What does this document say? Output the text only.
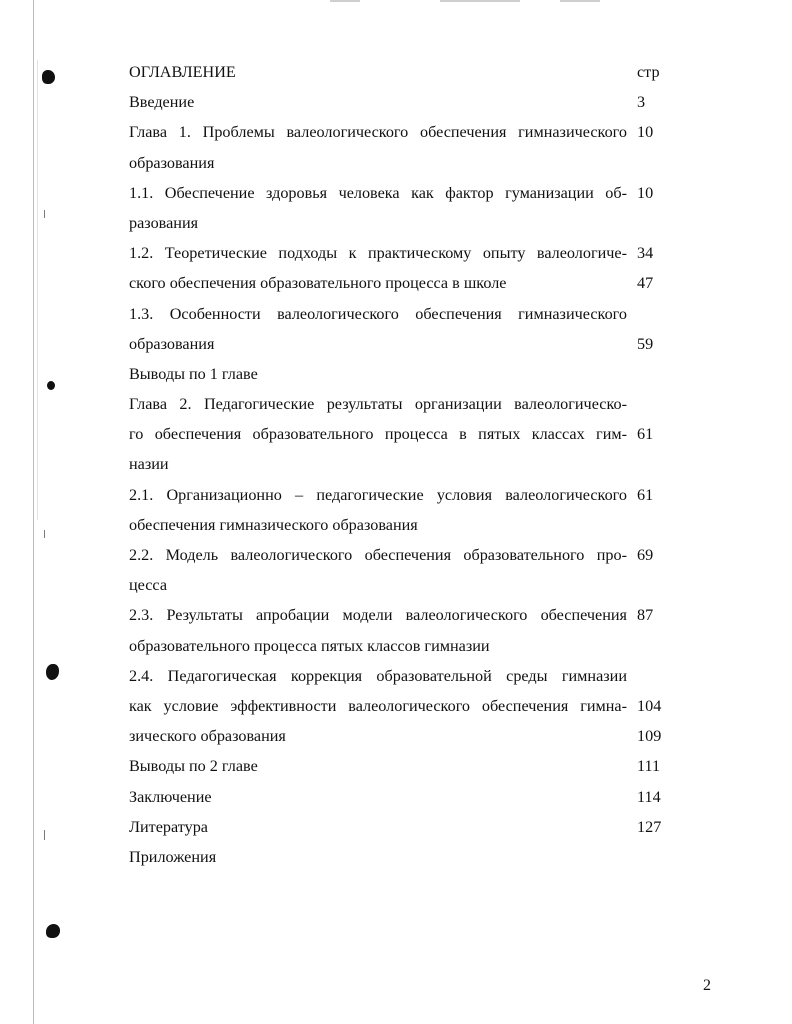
ОГЛАВЛЕНИЕ	стр
Введение	3
Глава 1. Проблемы валеологического обеспечения гимназического 10
образования
1.1. Обеспечение здоровья человека как фактор гуманизации об- 10
разования
1.2. Теоретические подходы к практическому опыту валеологиче- 34
ского обеспечения образовательного процесса в школе	47
1.3. Особенности валеологического обеспечения гимназического
образования	59
Выводы по 1 главе
Глава 2. Педагогические результаты организации валеологическо-
го обеспечения образовательного процесса в пятых классах гим- 61
назии
2.1. Организационно – педагогические условия валеологического 61
обеспечения гимназического образования
2.2. Модель валеологического обеспечения образовательного про- 69
цесса
2.3. Результаты апробации модели валеологического обеспечения 87
образовательного процесса пятых классов гимназии
2.4. Педагогическая коррекция образовательной среды гимназии
как условие эффективности валеологического обеспечения гимна- 104
зического образования	109
Выводы по 2 главе	111
Заключение	114
Литература	127
Приложения
2
